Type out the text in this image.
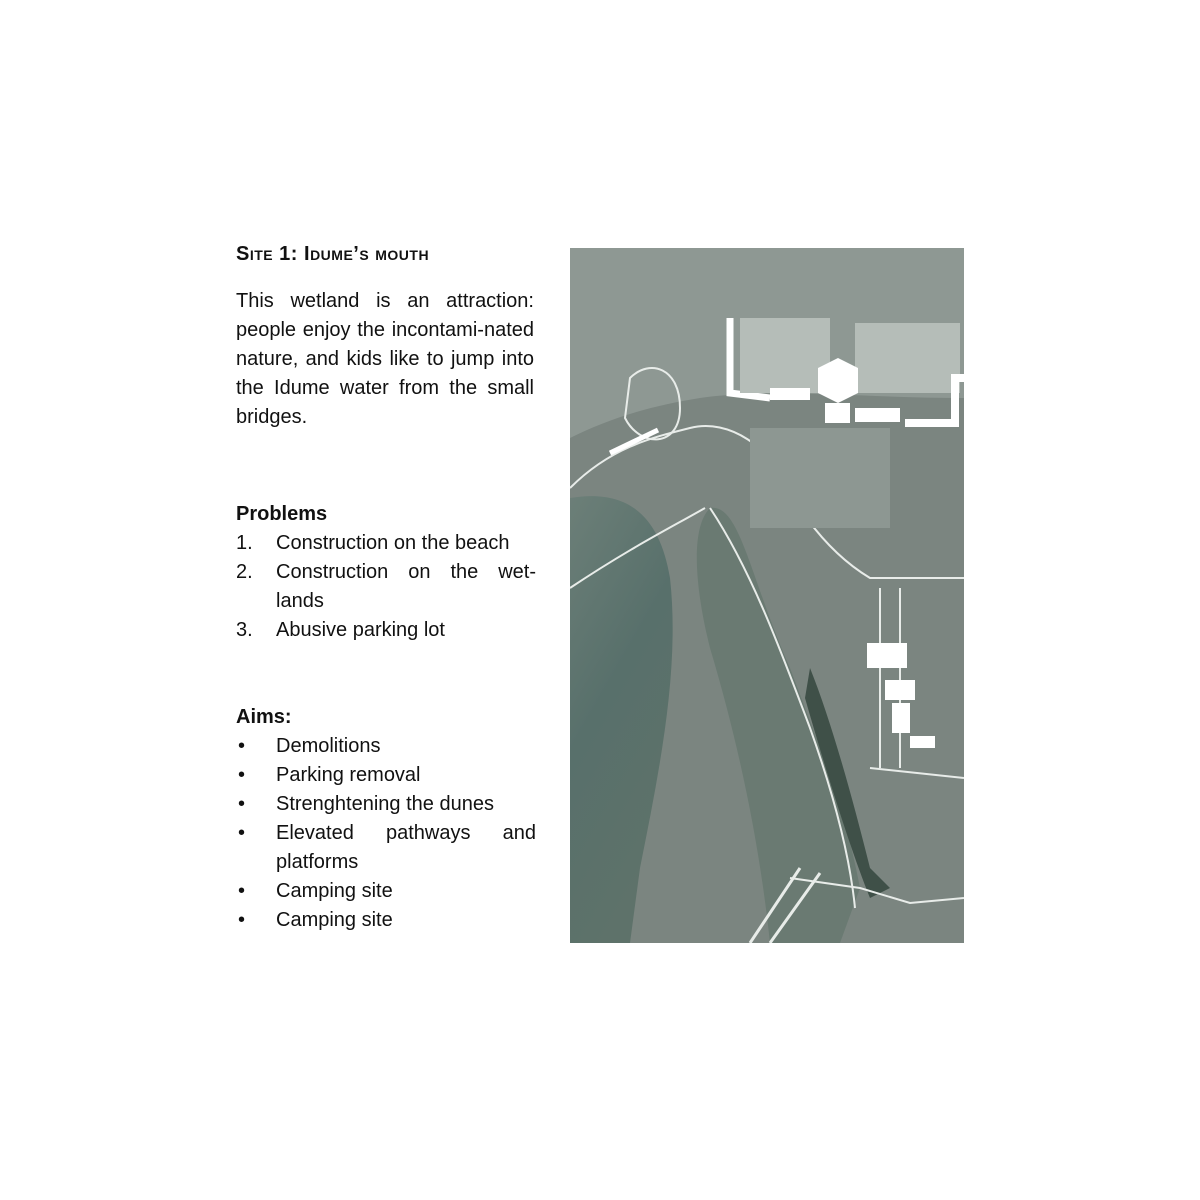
Site 1: Idume’s mouth

This wetland is an attraction: people enjoy the incontami-nated nature, and kids like to jump into the Idume water from the small bridges.

Problems

1.	Construction on the beach
2.	Construction on the wet-lands
3.	Abusive parking lot

Aims:

• Demolitions
• Parking removal
• Strenghtening the dunes
• Elevated pathways and platforms
• Camping site
• Camping site
